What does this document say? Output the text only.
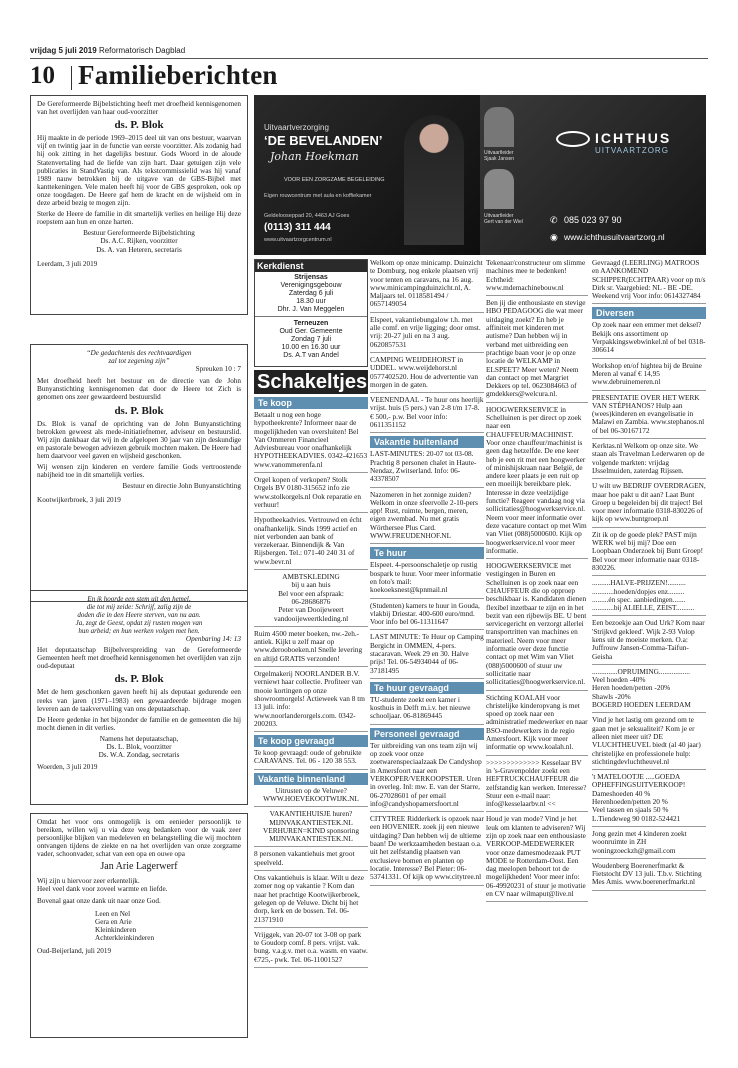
vrijdag 5 juli 2019 Reformatorisch Dagblad
10 Familieberichten

De Gereformeerde Bijbelstichting heeft met droefheid kennisgenomen van het overlijden van haar oud-voorzitter

ds. P. Blok

Hij maakte in de periode 1969–2015 deel uit van ons bestuur, waarvan vijf en twintig jaar in de functie van eerste voorzitter. Als zodanig had hij ook zitting in het dagelijks bestuur. Gods Woord in de aloude Statenvertaling had de liefde van zijn hart. Daar getuigen zijn vele publicaties in StandVastig van. Als tekstcommissielid was hij vanaf 1989 nauw betrokken bij de uitgave van de GBS-Bijbel met kanttekeningen. Vele malen heeft hij voor de GBS gesproken, ook op onze toogdagen. De Heere gaf hem de kracht en de wijsheid om in deze arbeid bezig te mogen zijn.

Sterke de Heere de familie in dit smartelijk verlies en heilige Hij deze roepstem aan hun en onze harten.

Bestuur Gereformeerde Bijbelstichting
Ds. A.C. Rijken, voorzitter
Ds. A. van Heteren, secretaris
Leerdam, 3 juli 2019
“De gedachtenis des rechtvaardigen
zal tot zegening zijn”
Spreuken 10 : 7

Met droefheid heeft het bestuur en de directie van de John Bunyanstichting kennisgenomen dat door de Heere tot Zich is genomen ons zeer gewaardeerd bestuurslid

ds. P. Blok

Ds. Blok is vanaf de oprichting van de John Bunyanstichting betrokken geweest als mede-initiatiefnemer, adviseur en bestuurslid. Wij zijn dankbaar dat wij in de afgelopen 30 jaar van zijn deskundige en pastorale bewogen adviezen gebruik mochten maken. De Heere had hem daarvoor veel gaven en wijsheid geschonken.

Wij wensen zijn kinderen en verdere familie Gods vertroostende nabijheid toe in dit smartelijk verlies.

Bestuur en directie John Bunyanstichting
Kootwijkerbroek, 3 juli 2019
En ik hoorde een stem uit den hemel,
die tot mij zeide: Schrijf, zalig zijn de
doden die in den Heere sterven, van nu aan.
Ja, zegt de Geest, opdat zij rusten mogen van
hun arbeid; en hun werken volgen met hen.
Openbaring 14: 13

Het deputaatschap Bijbelverspreiding van de Gereformeerde Gemeenten heeft met droefheid kennisgenomen het overlijden van zijn oud-deputaat

ds. P. Blok

Met de hem geschonken gaven heeft hij als deputaat gedurende een reeks van jaren (1971–1983) een gewaardeerde bijdrage mogen leveren aan de taakvervulling van ons deputaatschap.

De Heere gedenke in het bijzonder de familie en de gemeenten die hij mocht dienen in dit verlies.

Namens het deputaatschap,
Ds. L. Blok, voorzitter
Ds. W.A. Zondag, secretaris
Woerden, 3 juli 2019

Omdat het voor ons onmogelijk is om eenieder persoonlijk te bereiken, willen wij u via deze weg bedanken voor de vaak zeer persoonlijke blijken van medeleven en belangstelling die wij mochten ontvangen tijdens de ziekte en na het overlijden van onze zorgzame vader, schoonvader, schat van een opa en ouwe opa

Jan Arie Lagerwerf
Wij zijn u hiervoor zeer erkentelijk.
Heel veel dank voor zoveel warmte en liefde.
Bovenal gaat onze dank uit naar onze God.
Leen en Nel
Gera en Arie
Kleinkinderen
Achterkleinkinderen
Oud-Beijerland, juli 2019
Uitvaartverzorging
‘DE BEVELANDEN’
Johan Hoekman
VOOR EEN ZORGZAME BEGELEIDING
Eigen rouwcentrum met aula en koffiekamer
Geldelooseppad 20, 4463 AJ Goes
(0113) 311 444
www.uitvaartzorgcentrum.nl
Uitvaartleider
Sjaak Jansen
Uitvaartleider
Gert van der Wiel
ICHTHUS
UITVAARTZORG
✆ 085 023 97 90
◉ www.ichthusuitvaartzorg.nl
Kerkdienst
Strijensas
Verenigingsgebouw
Zaterdag 6 juli
18.30 uur
Dhr. J. Van Meggelen
Terneuzen
Oud Ger. Gemeente
Zondag 7 juli
10.00 en 16.30 uur
Ds. A.T van Andel
Schakeltjes
Te koop
Betaalt u nog een hoge hypotheekrente? Informeer naar de mogelijkheden van oversluiten! Bel Van Ommeren Financieel Adviesbureau voor onafhankelijk HYPOTHEEKADVIES. 0342-421653 www.vanommerenfa.nl
Orgel kopen of verkopen? Stolk Orgels BV 0180-315652 info zie www.stolkorgels.nl Ook reparatie en verhuur!
Hypotheekadvies. Vertrouwd en écht onafhankelijk. Sinds 1999 actief en niet verbonden aan bank of verzekeraar. Binnendijk & Van Rijsbergen. Tel.: 071-40 240 31 of www.bevr.nl
AMBTSKLEDING
bij u aan huis
Bel voor een afspraak:
06-28686876
Peter van Dooijeweert
vandooijeweertkleding.nl
Ruim 4500 meter boeken, nw.-2eh.-antiek. Kijkt u zelf maar op www.derooboeken.nl Snelle levering en altijd GRATIS verzonden!
Orgelmakerij NOORLANDER B.V. verniewt haar collectie. Profiteer van mooie kortingen op onze showroomorgels! Actieweek van 8 tm 13 juli. info: www.noorlanderorgels.com. 0342-200203.
Te koop gevraagd
Te koop gevraagd: oude of gebruikte CARAVANS. Tel. 06 - 120 38 553.
Vakantie binnenland
Uitrusten op de Veluwe?
WWW.HOEVEKOOTWIJK.NL
VAKANTIEHUISJE huren?
MIJNVAKANTIESTEK.NL
VERHUREN=KIND sponsoring
MIJNVAKANTIESTEK.NL
8 personen vakantiehuis met groot speelveld.
Ons vakantiehuis is klaar. Wilt u deze zomer nog op vakantie ? Kom dan naar het prachtige Kootwijkerbroek, gelegen op de Veluwe. Dicht bij het dorp, kerk en de bossen. Tel. 06-21371910
Vrijggek, van 20-07 tot 3-08 op park te Goudorp comf. 8 pers. vrijst. vak. bung. v.a.g.v. met o.a. wasm. en vaatw. €725,- pwk. Tel. 06-11001527
Welkom op onze minicamp. Duinzicht te Domburg, nog enkele plaatsen vrij voor tenten en caravans, na 16 aug. www.minicampingduinzicht.nl, A. Maljaars tel. 0118581494 / 0657149054
Elspeet, vakantiebungalow t.h. met alle comf. en vrije ligging; door omst. vrij: 20-27 juli en na 3 aug. 0620857531
CAMPING WEIJDEHORST in UDDEL. www.weijdehorst.nl 0577402520. Hou de advertentie van morgen in de gaten.
VEENENDAAL - Te huur ons heerlijk vrijst. huis (5 pers.) van 2-8 t/m 17-8. € 500,- p.w. Bel voor info: 0611351152
Vakantie buitenland
LAST-MINUTES: 20-07 tot 03-08. Prachtig 8 personen chalet in Haute-Nendaz, Zwitserland. Info: 06-43378507
Nazomeren in het zonnige zuiden? Welkom in onze sfeervolle 2-10-pers app! Rust, ruimte, bergen, meren, eigen zwembad. Nu met gratis Wörthersee Plus Card. WWW.FREUDENHOF.NL
Te huur
Elspeet. 4-persoonschaletje op rustig bospark te huur. Voor meer informatie en foto's mail: koekoeksnest@kpnmail.nl
(Studenten) kamers te huur in Gouda, vlakbij Driestar. 400-600 euro/mnd. Voor info bel 06-11311647
LAST MINUTE: Te Huur op Camping Bergicht in OMMEN, 4-pers. stacaravan. Week 29 en 30. Halve prijs! Tel. 06-54934044 of 06-37181495
Te huur gevraagd
TU-studente zoekt een kamer i kosthuis in Delft m.i.v. het nieuwe schooljaar. 06-81869445
Personeel gevraagd
Ter uitbreiding van ons team zijn wij op zoek voor onze zoetwarenspeciaalzaak De Candyshop in Amersfoort naar een VERKOPER/VERKOOPSTER. Uren in overleg. Inl: mw. E. van der Starre, 06-27028601 of per email info@candyshopamersfoort.nl
CITYTREE Ridderkerk is opzoek naar een HOVENIER. zoek jij een nieuwe uitdaging? Dan hebben wij de ultieme baan! De werkzaamheden bestaan o.a. uit het zelfstandig plaatsen van exclusieve bomen en planten op locatie. Interesse? Bel Pieter: 06-53741331. Of kijk op www.citytree.nl
Tekenaar/constructeur om slimme machines mee te bedenken! Echtheid: www.mdemachinebouw.nl
Ben jij die enthousiaste en stevige HBO PEDAGOOG die wat meer uitdaging zoekt? En heb je affiniteit met kinderen met autisme? Dan hebben wij in verband met uitbreiding een prachtige baan voor je op onze locatie de WELKAMP in ELSPEET? Meer weten? Neem dan contact op met Margriet Dekkers op tel. 0623084663 of gmdekkers@welcura.nl.
HOOGWERKSERVICE in Schelluinen is per direct op zoek naar een CHAUFFEUR/MACHINIST. Voor onze chauffeur/machinist is geen dag hetzelfde. De ene keer heb je een rit met een hoogwerker of minishijskraan naar België, de andere keer plaats je een ruit op een moeilijk bereikbare plek. Interesse in deze veelzijdige functie? Reageer vandaag nog via sollicitaties@hoogwerkservice.nl. Neem voor meer informatie over deze vacature contact op met Wim van Vliet (088)5000600. Kijk op hoogwerkservice.nl voor meer informatie.
HOOGWERKSERVICE met vestigingen in Buren en Schelluinen is op zoek naar een CHAUFFEUR die op opproep beschikbaar is. Kandidaten dienen flexibel inzetbaar te zijn en in het bezit van een rijbewijs BE. U bent servicegericht en verzorgt allerlei transportritten van machines en materieel. Neem voor meer informatie over deze functie contact op met Wim van Vliet (088)5000600 of stuur uw sollicitatie naar sollicitaties@hoogwerkservice.nl.
Stichting KOALAH voor christelijke kinderopvang is met spoed op zoek naar een administratief medewerker en naar BSO-medewerkers in de regio Amersfoort. Kijk voor meer informatie op www.koalah.nl.
>>>>>>>>>>>>> Kesselaar BV in 's-Gravenpolder zoekt een HEFTRUCKCHAUFFEUR die zelfstandig kan werken. Interesse? Stuur een e-mail naar: info@kesselaarbv.nl <<
Houd je van mode? Vind je het leuk om klanten te adviseren? Wij zijn op zoek naar een enthousiaste VERKOOP-MEDEWERKER voor onze damesmodezaak PUT MODE te Rotterdam-Oost. Een dag meelopen behoort tot de mogelijkheden! Voor meer info: 06-49920231 of stuur je motivatie en CV naar wilmaput@live.nl
Gevraagd (LEERLING) MATROOS en AANKOMEND SCHIPPER(ECHTPAAR) voor op m/s Dirk sr. Vaargebied: NL - BE -DE. Weekend vrij Voor info: 0614327484
Diversen
Op zoek naar een emmer met deksel? Bekijk ons assortiment op Verpakkingswebwinkel.nl of bel 0318-306614
Workshop en/of highteа bij de Bruine Meren al vanaf € 14,95 www.debruinemeren.nl
PRESENTATIE OVER HET WERK VAN STÉPHANOS? Hulp aan (wees)kinderen en evangelisatie in Malawi en Zambia. www.stephanos.nl of bel 06-30167172
Kerktas.nl Welkom op onze site. We staan als Travelman Lederwaren op de volgende markten: vrijdag IJsselmuiden, zaterdag Rijssen.
U wilt uw BEDRIJF OVERDRAGEN, maar hoe pakt u dit aan? Laat Bunt Groep u begeleiden bij dit traject! Bel voor meer informatie 0318-830226 of kijk op www.buntgroep.nl
Zit ik op de goede plek? PAST mijn WERK wel bij mij? Doe een Loopbaan Onderzoek bij Bunt Groep! Bel voor meer informatie naar 0318-830226.
..........HALVE-PRIJZEN!..........
............hoeden/dopjes enz.........
.........én spec. aanbiedingen.......
............bij ALIELLE, ZEIST..........
Een bezoekje aan Oud Urk? Kom naar 'Strijkvd gekleed'. Wijk 2-93 Volop kens uit de moeiste merken. O.a: Juffrouw Jansen-Comma-Taifun-Geisha
..............OPRUIMING.................
Veel hoeden -40%
Heren hoeden/petten -20%
Shawls -20%
BOGERD HOEDEN LEERDAM
Vind je het lastig om gezond om te gaan met je seksualiteit? Kom je er alleen niet meer uit? DE VLUCHTHEUVEL biedt (al 40 jaar) christelijke en professionele hulp: stichtingdevluchtheuvel.nl
't MATELOOTJE .....GOEDA
OPHEFFINGSUITVERKOOP!
Dameshoeden 40 %
Herenhoeden/petten 20 %
Veel tassen en sjaals 50 %
L.Tiendeweg 90 0182-524421
Jong gezin met 4 kinderen zoekt woonruimte in ZH woningzoeckzh@gmail.com
Woudenberg Boerenerfmarkt & Fietstocht DV 13 juli. T.b.v. Stichting Mes Amis. www.boerenerfmarkt.nl
